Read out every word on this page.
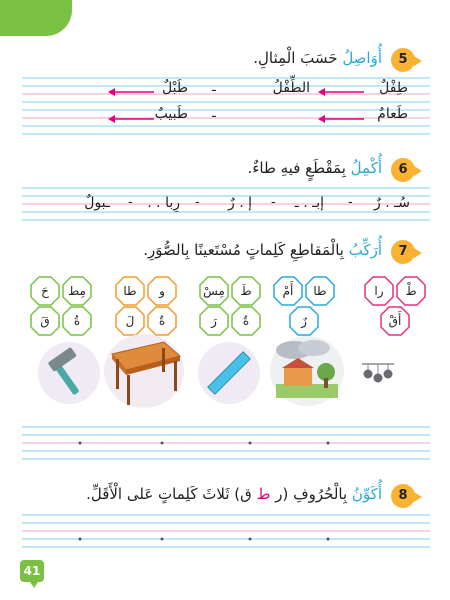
5
أُوَاصِلُ حَسَبَ الْمِثالِ.
طِفْلٌ
الطِّفْلُ
ـ
طَبْلٌ
طَعامٌ
ـ
طَبيبٌ
6
أُكْمِلُ بِمَقْطَعٍ فيهِ طاءٌ.
سُـ . رٌ
-
إبـ . ـ
-
إ . رٌ
-
رِبا . .
-
ـبولٌ
7
أُرَكِّبُ بِالْمَقاطِعِ كَلِماتٍ مُسْتَعينًا بِالصُّوَرِ.
مِط
حَ
ةُ
قَ
طا	و
ةٌ
لَ
طَ
مِسْ
رَ	ةٌ
أَمْ	طا
رٌ
طْ
را
أَقْ
8
أُكَوِّنُ بِالْحُرُوفِ (ر ط ق) ثَلاثَ كَلِماتٍ عَلى الْأَقَلِّ.
41
